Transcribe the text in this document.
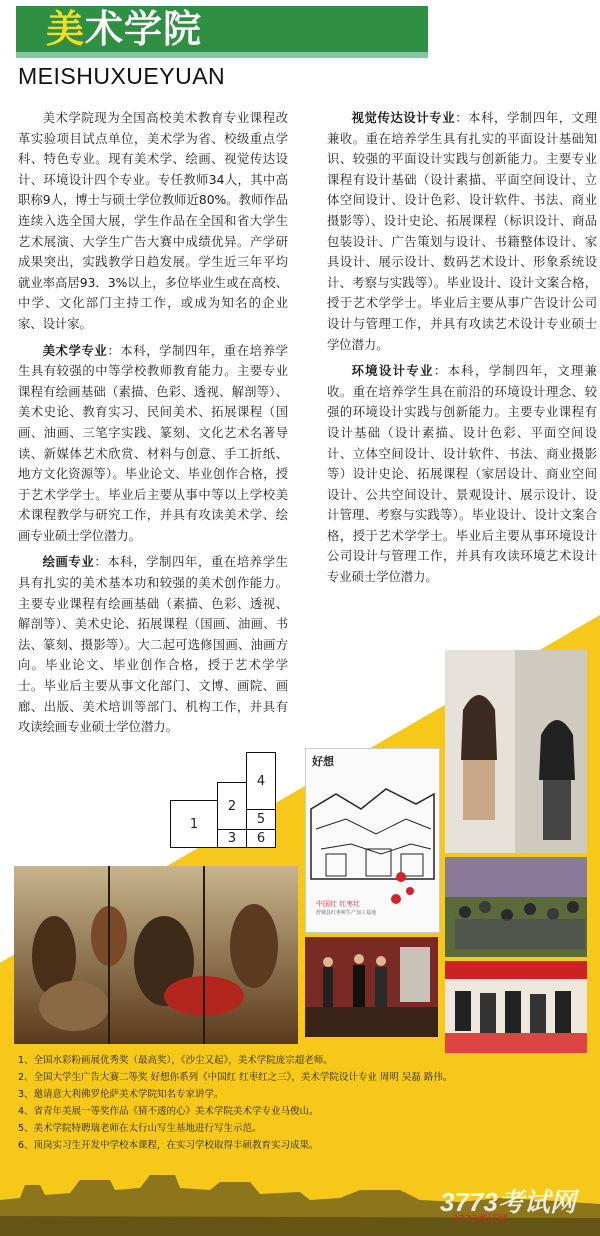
美术学院
MEISHUXUEYUAN

美术学院现为全国高校美术教育专业课程改革实验项目试点单位，美术学为省、校级重点学科、特色专业。现有美术学、绘画、视觉传达设计、环境设计四个专业。专任教师34人，其中高职称9人，博士与硕士学位教师近80%。教师作品连续入选全国大展，学生作品在全国和省大学生艺术展演、大学生广告大赛中成绩优异。产学研成果突出，实践教学日趋发展。学生近三年平均就业率高居93．3%以上，多位毕业生或在高校、中学、文化部门主持工作，或成为知名的企业家、设计家。

美术学专业：本科，学制四年，重在培养学生具有较强的中等学校教师教育能力。主要专业课程有绘画基础（素描、色彩、透视、解剖等）、美术史论、教育实习、民间美术、拓展课程（国画、油画、三笔字实践、篆刻、文化艺术名著导读、新媒体艺术欣赏、材料与创意、手工折纸、地方文化资源等）。毕业论文、毕业创作合格，授于艺术学学士。毕业后主要从事中等以上学校美术课程教学与研究工作，并具有攻读美术学、绘画专业硕士学位潜力。

绘画专业：本科，学制四年，重在培养学生具有扎实的美术基本功和较强的美术创作能力。主要专业课程有绘画基础（素描、色彩、透视、解剖等）、美术史论、拓展课程（国画、油画、书法、篆刻、摄影等）。大二起可选修国画、油画方向。毕业论文、毕业创作合格，授于艺术学学士。毕业后主要从事文化部门、文博、画院、画廊、出版、美术培训等部门、机构工作，并具有攻读绘画专业硕士学位潜力。

视觉传达设计专业：本科，学制四年，文理兼收。重在培养学生具有扎实的平面设计基础知识、较强的平面设计实践与创新能力。主要专业课程有设计基础（设计素描、平面空间设计、立体空间设计、设计色彩、设计软件、书法、商业摄影等）、设计史论、拓展课程（标识设计、商品包装设计、广告策划与设计、书籍整体设计、家具设计、展示设计、数码艺术设计、形象系统设计、考察与实践等）。毕业设计、设计文案合格，授于艺术学学士。毕业后主要从事广告设计公司设计与管理工作，并具有攻读艺术设计专业硕士学位潜力。

环境设计专业：本科，学制四年，文理兼收。重在培养学生具在前沿的环境设计理念、较强的环境设计实践与创新能力。主要专业课程有设计基础（设计素描、设计色彩、平面空间设计、立体空间设计、设计软件、书法、商业摄影等）设计史论、拓展课程（家居设计、商业空间设计、公共空间设计、景观设计、展示设计、设计管理、考察与实践等）。毕业设计、设计文案合格，授于艺术学学士。毕业后主要从事环境设计公司设计与管理工作，并具有攻读环境艺术设计专业硕士学位潜力。

1
2
3
4
5
6
好想
中国红 红枣红
舒城县红枣树生产加工基地
1、全国水彩粉画展优秀奖（最高奖），《沙尘又起》，美术学院庞宗超老师。
2、全国大学生广告大赛二等奖 好想你系列《中国红 红枣红之三》，美术学院设计专业 周明 吴磊 路伟。
3、邀请意大利佛罗伦萨美术学院知名专家讲学。
4、省青年美展一等奖作品《猜不透的心》美术学院美术学专业马俊山。
5、美术学院特聘瑞老师在太行山写生基地进行写生示范。
6、顶岗实习生开发中学校本课程，在实习学校取得丰硕教育实习成果。
3773考试网
3773考试网
